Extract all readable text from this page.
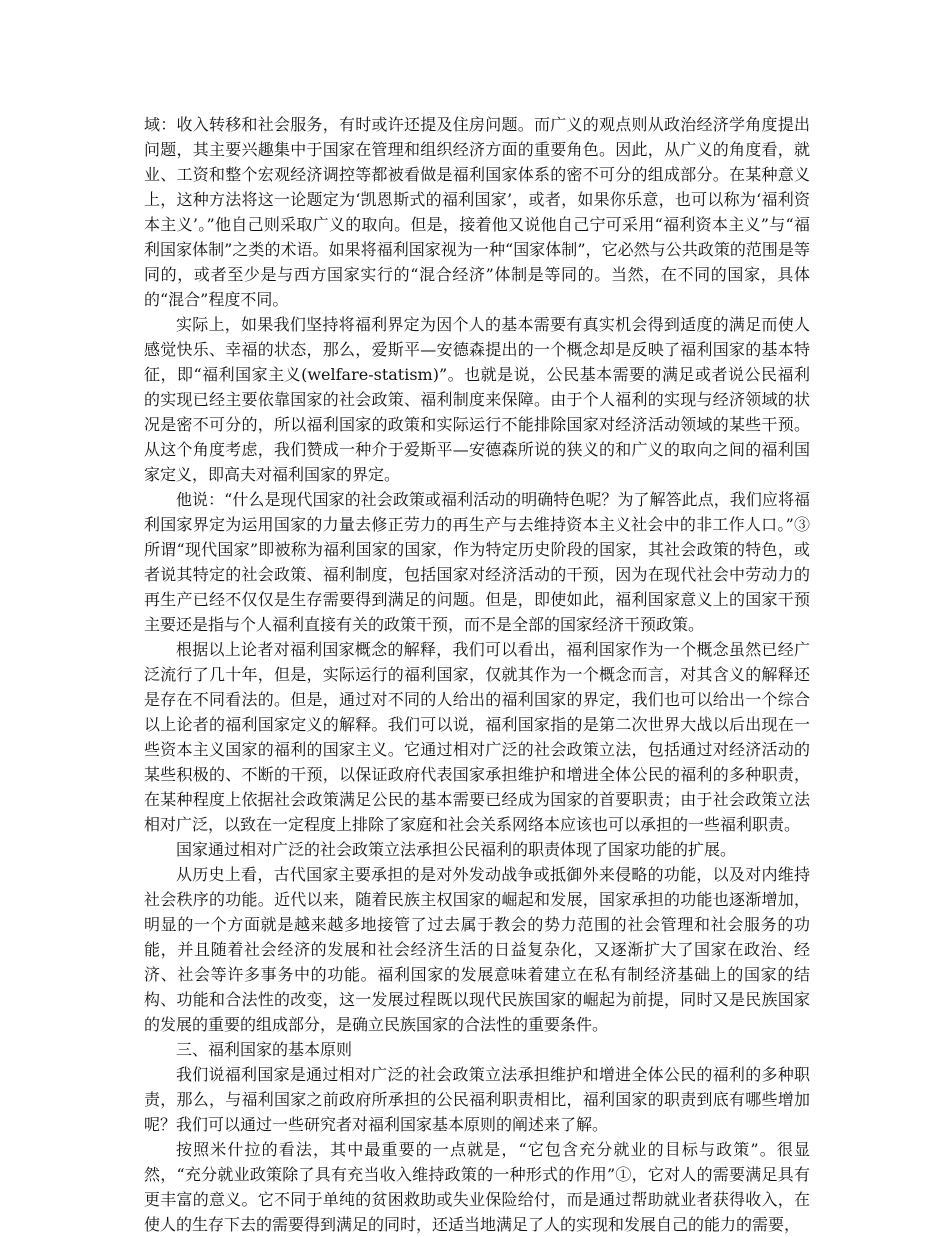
域：收入转移和社会服务，有时或许还提及住房问题。而广义的观点则从政治经济学角度提出问题，其主要兴趣集中于国家在管理和组织经济方面的重要角色。因此，从广义的角度看，就业、工资和整个宏观经济调控等都被看做是福利国家体系的密不可分的组成部分。在某种意义上，这种方法将这一论题定为‘凯恩斯式的福利国家’，或者，如果你乐意，也可以称为‘福利资本主义’。”他自己则采取广义的取向。但是，接着他又说他自己宁可采用“福利资本主义”与“福利国家体制”之类的术语。如果将福利国家视为一种“国家体制”，它必然与公共政策的范围是等同的，或者至少是与西方国家实行的“混合经济”体制是等同的。当然，在不同的国家，具体的“混合”程度不同。

实际上，如果我们坚持将福利界定为因个人的基本需要有真实机会得到适度的满足而使人感觉快乐、幸福的状态，那么，爱斯平—安德森提出的一个概念却是反映了福利国家的基本特征，即“福利国家主义(welfare-statism)”。也就是说，公民基本需要的满足或者说公民福利的实现已经主要依靠国家的社会政策、福利制度来保障。由于个人福利的实现与经济领域的状况是密不可分的，所以福利国家的政策和实际运行不能排除国家对经济活动领域的某些干预。从这个角度考虑，我们赞成一种介于爱斯平—安德森所说的狭义的和广义的取向之间的福利国家定义，即高夫对福利国家的界定。

他说：“什么是现代国家的社会政策或福利活动的明确特色呢？为了解答此点，我们应将福利国家界定为运用国家的力量去修正劳力的再生产与去维持资本主义社会中的非工作人口。”③所谓“现代国家”即被称为福利国家的国家，作为特定历史阶段的国家，其社会政策的特色，或者说其特定的社会政策、福利制度，包括国家对经济活动的干预，因为在现代社会中劳动力的再生产已经不仅仅是生存需要得到满足的问题。但是，即使如此，福利国家意义上的国家干预主要还是指与个人福利直接有关的政策干预，而不是全部的国家经济干预政策。

根据以上论者对福利国家概念的解释，我们可以看出，福利国家作为一个概念虽然已经广泛流行了几十年，但是，实际运行的福利国家，仅就其作为一个概念而言，对其含义的解释还是存在不同看法的。但是，通过对不同的人给出的福利国家的界定，我们也可以给出一个综合以上论者的福利国家定义的解释。我们可以说，福利国家指的是第二次世界大战以后出现在一些资本主义国家的福利的国家主义。它通过相对广泛的社会政策立法，包括通过对经济活动的某些积极的、不断的干预，以保证政府代表国家承担维护和增进全体公民的福利的多种职责，在某种程度上依据社会政策满足公民的基本需要已经成为国家的首要职责；由于社会政策立法相对广泛，以致在一定程度上排除了家庭和社会关系网络本应该也可以承担的一些福利职责。

国家通过相对广泛的社会政策立法承担公民福利的职责体现了国家功能的扩展。

从历史上看，古代国家主要承担的是对外发动战争或抵御外来侵略的功能，以及对内维持社会秩序的功能。近代以来，随着民族主权国家的崛起和发展，国家承担的功能也逐渐增加，明显的一个方面就是越来越多地接管了过去属于教会的势力范围的社会管理和社会服务的功能，并且随着社会经济的发展和社会经济生活的日益复杂化，又逐渐扩大了国家在政治、经济、社会等许多事务中的功能。福利国家的发展意味着建立在私有制经济基础上的国家的结构、功能和合法性的改变，这一发展过程既以现代民族国家的崛起为前提，同时又是民族国家的发展的重要的组成部分，是确立民族国家的合法性的重要条件。

三、福利国家的基本原则

我们说福利国家是通过相对广泛的社会政策立法承担维护和增进全体公民的福利的多种职责，那么，与福利国家之前政府所承担的公民福利职责相比，福利国家的职责到底有哪些增加呢？我们可以通过一些研究者对福利国家基本原则的阐述来了解。

按照米什拉的看法，其中最重要的一点就是，“它包含充分就业的目标与政策”。很显然，“充分就业政策除了具有充当收入维持政策的一种形式的作用”①，它对人的需要满足具有更丰富的意义。它不同于单纯的贫困救助或失业保险给付，而是通过帮助就业者获得收入，在使人的生存下去的需要得到满足的同时，还适当地满足了人的实现和发展自己的能力的需要，
